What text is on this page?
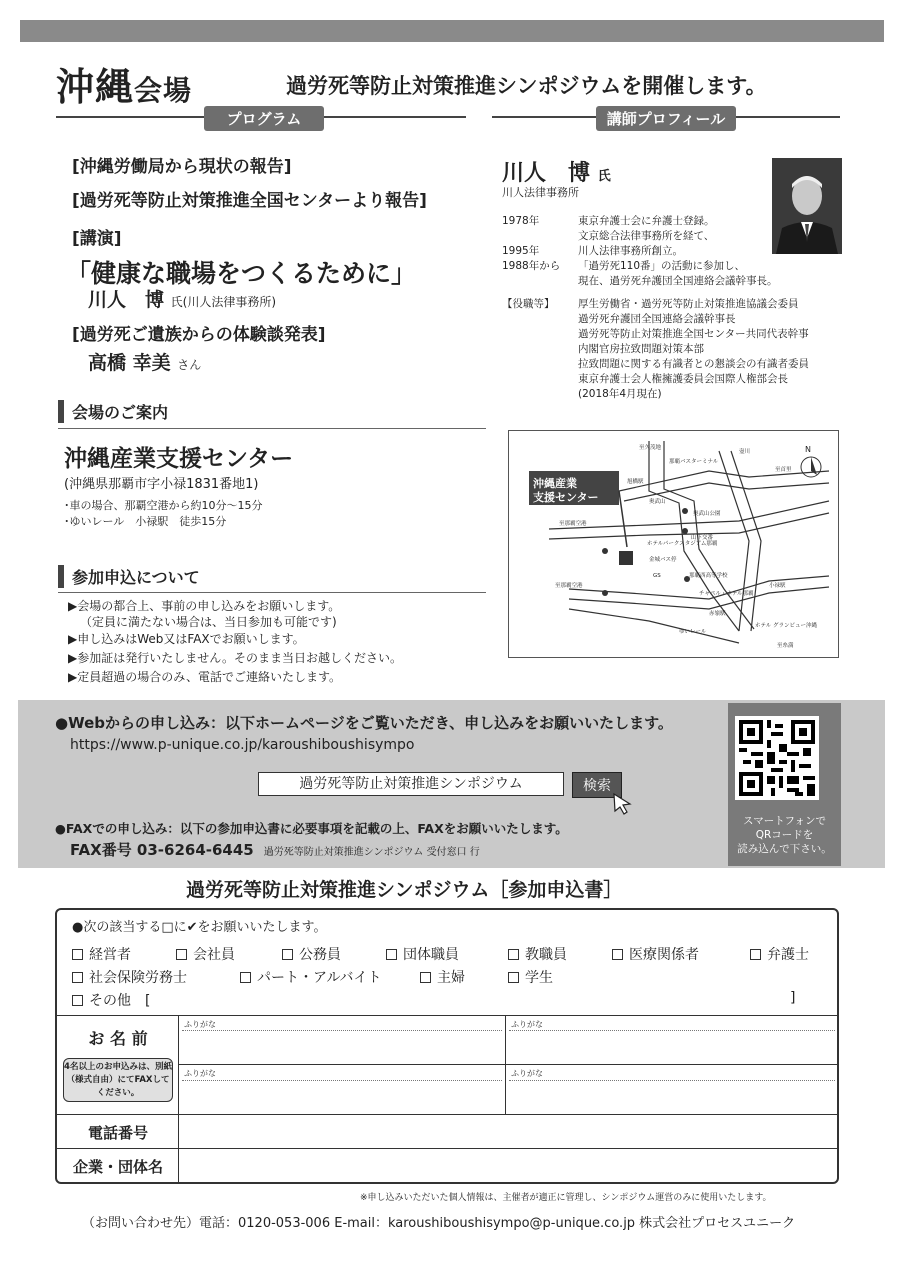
沖縄会場	過労死等防止対策推進シンポジウムを開催します。
プログラム	講師プロフィール
[沖縄労働局から現状の報告]
[過労死等防止対策推進全国センターより報告]
[講演]
「健康な職場をつくるために」
川人　博 氏(川人法律事務所)
[過労死ご遺族からの体験談発表]
高橋 幸美 さん
会場のご案内
沖縄産業支援センター
(沖縄県那覇市字小禄1831番地1)
･車の場合、那覇空港から約10分～15分
･ゆいレール　小禄駅　徒歩15分
参加申込について
▶会場の都合上、事前の申し込みをお願いします。
（定員に満たない場合は、当日参加も可能です)
▶申し込みはWeb又はFAXでお願いします。
▶参加証は発行いたしません。そのまま当日お越しください。
▶定員超過の場合のみ、電話でご連絡いたします。
川人　博 氏
川人法律事務所
1978年	東京弁護士会に弁護士登録。
文京総合法律事務所を経て、
1995年	川人法律事務所創立。
1988年から 「過労死110番」の活動に参加し、
現在、過労死弁護団全国連絡会議幹事長。
【役職等】 厚生労働省・過労死等防止対策推進協議会委員
過労死弁護団全国連絡会議幹事長
過労死等防止対策推進全国センター共同代表幹事
内閣官房拉致問題対策本部
拉致問題に関する有識者との懇談会の有識者委員
東京弁護士会人権擁護委員会国際人権部会長
(2018年4月現在)
沖縄産業
支援センター
至久茂地
那覇バスターミナル
壺川
至首里
N
旭橋駅
奥武山公園
奥武山
至那覇空港
山下交番
ホテルパークスタジアム那覇
金城バス停
GS	那覇西高等学校
チャペル・ホテル那覇
小禄駅
赤嶺駅
ホテル グランビュー沖縄
至糸満
至那覇空港
ゆいレール
●Webからの申し込み：以下ホームページをご覧いただき、申し込みをお願いいたします。
https://www.p-unique.co.jp/karoushiboushisympo
過労死等防止対策推進シンポジウム	検索
●FAXでの申し込み：以下の参加申込書に必要事項を記載の上、FAXをお願いいたします。
FAX番号 03-6264-6445 過労死等防止対策推進シンポジウム 受付窓口 行
スマートフォンで
QRコードを
読み込んで下さい。
過労死等防止対策推進シンポジウム［参加申込書］
●次の該当する□に✔をお願いいたします。
経営者	会社員	公務員	団体職員	教職員	医療関係者	弁護士
社会保険労務士	パート・アルバイト	主婦	学生
その他　[	]
ふりがな	ふりがな
ふりがな	ふりがな
お 名 前
4名以上のお申込みは、別紙（様式自由）にてFAXしてください。
電話番号
企業・団体名
※申し込みいただいた個人情報は、主催者が適正に管理し、シンポジウム運営のみに使用いたします。
（お問い合わせ先）電話：0120-053-006 E-mail：karoushiboushisympo@p-unique.co.jp 株式会社プロセスユニーク
